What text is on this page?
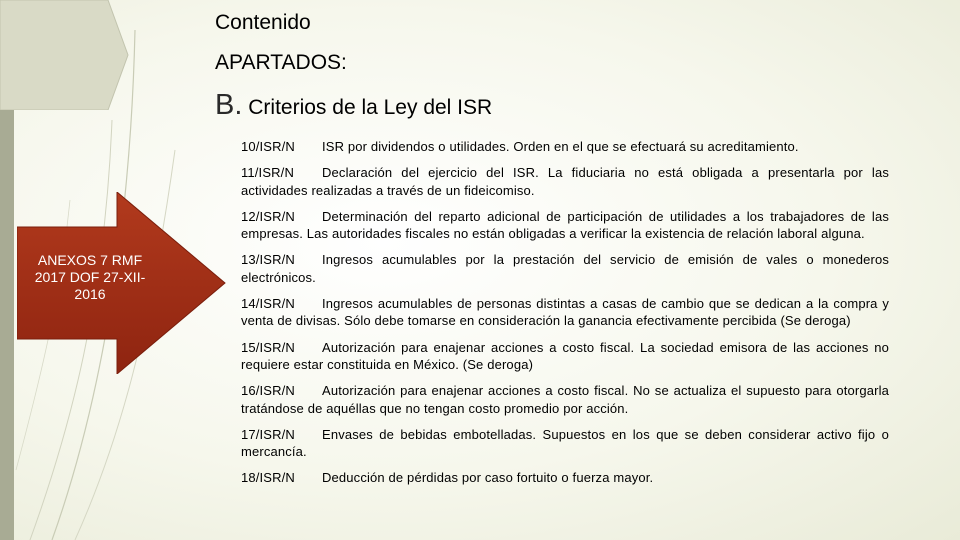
Contenido
APARTADOS:
B. Criterios de la Ley del ISR

10/ISR/N ISR por dividendos o utilidades. Orden en el que se efectuará su acreditamiento.

11/ISR/N Declaración del ejercicio del ISR. La fiduciaria no está obligada a presentarla por las actividades realizadas a través de un fideicomiso.

12/ISR/N Determinación del reparto adicional de participación de utilidades a los trabajadores de las empresas. Las autoridades fiscales no están obligadas a verificar la existencia de relación laboral alguna.

13/ISR/N Ingresos acumulables por la prestación del servicio de emisión de vales o monederos electrónicos.

14/ISR/N Ingresos acumulables de personas distintas a casas de cambio que se dedican a la compra y venta de divisas. Sólo debe tomarse en consideración la ganancia efectivamente percibida (Se deroga)

15/ISR/N Autorización para enajenar acciones a costo fiscal. La sociedad emisora de las acciones no requiere estar constituida en México. (Se deroga)

16/ISR/N Autorización para enajenar acciones a costo fiscal. No se actualiza el supuesto para otorgarla tratándose de aquéllas que no tengan costo promedio por acción.

17/ISR/N Envases de bebidas embotelladas. Supuestos en los que se deben considerar activo fijo o mercancía.

18/ISR/N Deducción de pérdidas por caso fortuito o fuerza mayor.

ANEXOS 7 RMF 2017 DOF 27-XII-2016
